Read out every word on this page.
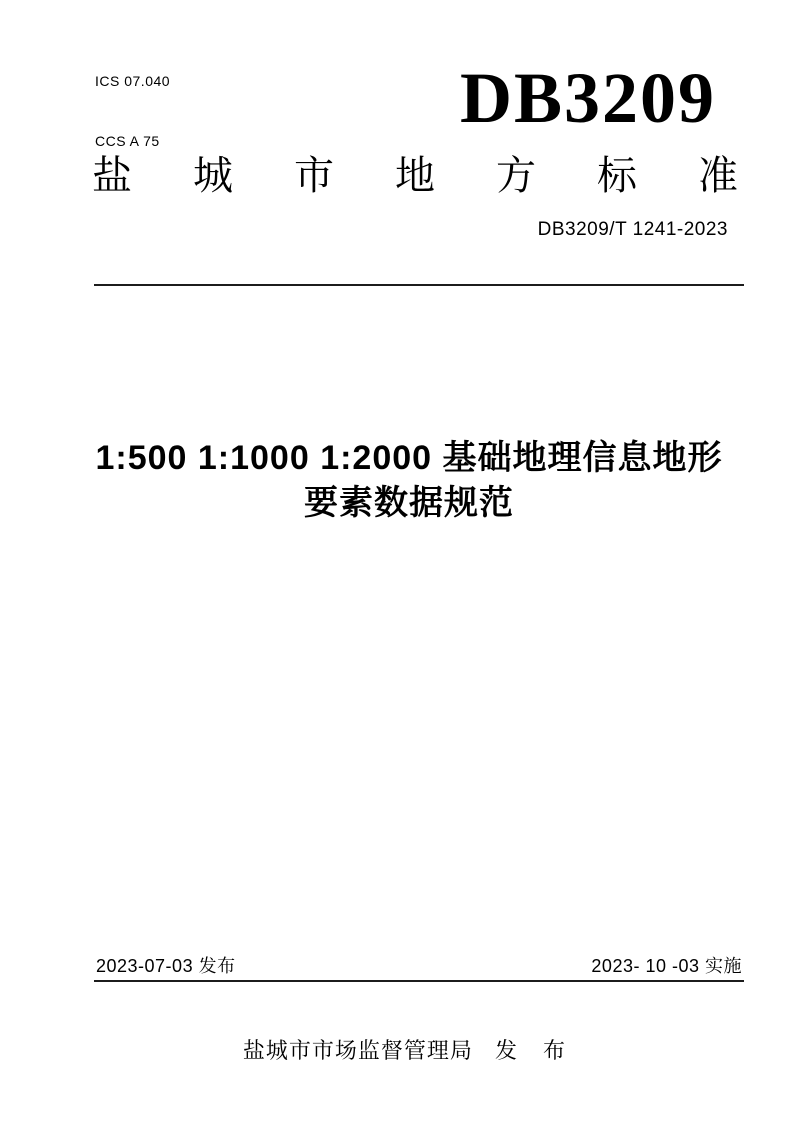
ICS 07.040

CCS A 75

DB3209
盐 城 市 地 方 标 准
DB3209/T 1241-2023
1:500 1:1000 1:2000 基础地理信息地形
要素数据规范
2023-07-03 发布	2023- 10 -03 实施
盐城市市场监督管理局 发 布
